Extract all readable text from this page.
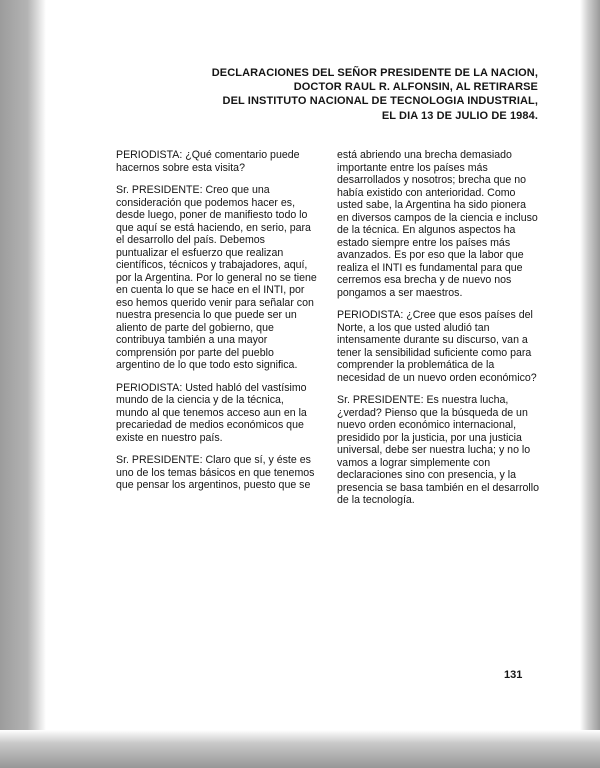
DECLARACIONES DEL SEÑOR PRESIDENTE DE LA NACION,
DOCTOR RAUL R. ALFONSIN, AL RETIRARSE
DEL INSTITUTO NACIONAL DE TECNOLOGIA INDUSTRIAL,
EL DIA 13 DE JULIO DE 1984.

PERIODISTA: ¿Qué comentario puede hacernos sobre esta visita?

Sr. PRESIDENTE: Creo que una consideración que podemos hacer es, desde luego, poner de manifiesto todo lo que aquí se está haciendo, en serio, para el desarrollo del país. Debemos puntualizar el esfuerzo que realizan científicos, técnicos y trabajadores, aquí, por la Argentina. Por lo general no se tiene en cuenta lo que se hace en el INTI, por eso hemos querido venir para señalar con nuestra presencia lo que puede ser un aliento de parte del gobierno, que contribuya también a una mayor comprensión por parte del pueblo argentino de lo que todo esto significa.

PERIODISTA: Usted habló del vastísimo mundo de la ciencia y de la técnica, mundo al que tenemos acceso aun en la precariedad de medios económicos que existe en nuestro país.

Sr. PRESIDENTE: Claro que sí, y éste es uno de los temas básicos en que tenemos que pensar los argentinos, puesto que se

está abriendo una brecha demasiado importante entre los países más desarrollados y nosotros; brecha que no había existido con anterioridad. Como usted sabe, la Argentina ha sido pionera en diversos campos de la ciencia e incluso de la técnica. En algunos aspectos ha estado siempre entre los países más avanzados. Es por eso que la labor que realiza el INTI es fundamental para que cerremos esa brecha y de nuevo nos pongamos a ser maestros.

PERIODISTA: ¿Cree que esos países del Norte, a los que usted aludió tan intensamente durante su discurso, van a tener la sensibilidad suficiente como para comprender la problemática de la necesidad de un nuevo orden económico?

Sr. PRESIDENTE: Es nuestra lucha, ¿verdad? Pienso que la búsqueda de un nuevo orden económico internacional, presidido por la justicia, por una justicia universal, debe ser nuestra lucha; y no lo vamos a lograr simplemente con declaraciones sino con presencia, y la presencia se basa también en el desarrollo de la tecnología.

131
